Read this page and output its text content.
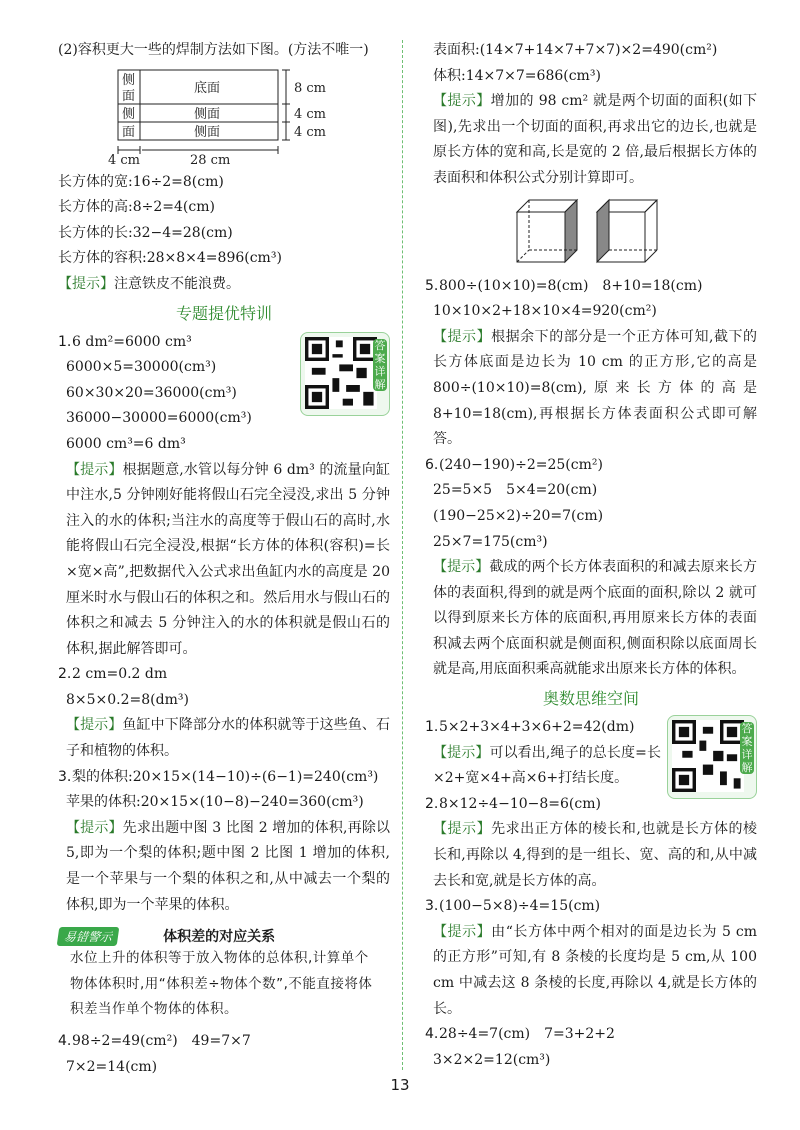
(2)容积更大一些的焊制方法如下图。(方法不唯一)
侧
面
侧
面
底面
侧面
侧面
8 cm
4 cm
4 cm
4 cm	28 cm
长方体的宽:16÷2=8(cm)
长方体的高:8÷2=4(cm)
长方体的长:32−4=28(cm)
长方体的容积:28×8×4=896(cm³)
【提示】注意铁皮不能浪费。
专题提优特训
答案详解
1.6 dm²=6000 cm³
6000×5=30000(cm³)
60×30×20=36000(cm³)
36000−30000=6000(cm³)
6000 cm³=6 dm³
【提示】根据题意,水管以每分钟 6 dm³ 的流量向缸中注水,5 分钟刚好能将假山石完全浸没,求出 5 分钟注入的水的体积;当注水的高度等于假山石的高时,水能将假山石完全浸没,根据“长方体的体积(容积)=长×宽×高”,把数据代入公式求出鱼缸内水的高度是 20 厘米时水与假山石的体积之和。然后用水与假山石的体积之和减去 5 分钟注入的水的体积就是假山石的体积,据此解答即可。
2.2 cm=0.2 dm
8×5×0.2=8(dm³)
【提示】鱼缸中下降部分水的体积就等于这些鱼、石子和植物的体积。
3.梨的体积:20×15×(14−10)÷(6−1)=240(cm³)
苹果的体积:20×15×(10−8)−240=360(cm³)
【提示】先求出题中图 3 比图 2 增加的体积,再除以 5,即为一个梨的体积;题中图 2 比图 1 增加的体积,是一个苹果与一个梨的体积之和,从中减去一个梨的体积,即为一个苹果的体积。
易错警示	体积差的对应关系
水位上升的体积等于放入物体的总体积,计算单个物体体积时,用“体积差÷物体个数”,不能直接将体积差当作单个物体的体积。
4.98÷2=49(cm²)　49=7×7
7×2=14(cm)
表面积:(14×7+14×7+7×7)×2=490(cm²)
体积:14×7×7=686(cm³)
【提示】增加的 98 cm² 就是两个切面的面积(如下图),先求出一个切面的面积,再求出它的边长,也就是原长方体的宽和高,长是宽的 2 倍,最后根据长方体的表面积和体积公式分别计算即可。
5.800÷(10×10)=8(cm)　8+10=18(cm)
10×10×2+18×10×4=920(cm²)
【提示】根据余下的部分是一个正方体可知,截下的长方体底面是边长为 10 cm 的正方形,它的高是 800÷(10×10)=8(cm),原来长方体的高是 8+10=18(cm),再根据长方体表面积公式即可解答。
6.(240−190)÷2=25(cm²)
25=5×5　5×4=20(cm)
(190−25×2)÷20=7(cm)
25×7=175(cm³)
【提示】截成的两个长方体表面积的和减去原来长方体的表面积,得到的就是两个底面的面积,除以 2 就可以得到原来长方体的底面积,再用原来长方体的表面积减去两个底面积就是侧面积,侧面积除以底面周长就是高,用底面积乘高就能求出原来长方体的体积。
奥数思维空间
答案详解
1.5×2+3×4+3×6+2=42(dm)
【提示】可以看出,绳子的总长度=长×2+宽×4+高×6+打结长度。
2.8×12÷4−10−8=6(cm)
【提示】先求出正方体的棱长和,也就是长方体的棱长和,再除以 4,得到的是一组长、宽、高的和,从中减去长和宽,就是长方体的高。
3.(100−5×8)÷4=15(cm)
【提示】由“长方体中两个相对的面是边长为 5 cm 的正方形”可知,有 8 条棱的长度均是 5 cm,从 100 cm 中减去这 8 条棱的长度,再除以 4,就是长方体的长。
4.28÷4=7(cm)　7=3+2+2
3×2×2=12(cm³)
13
